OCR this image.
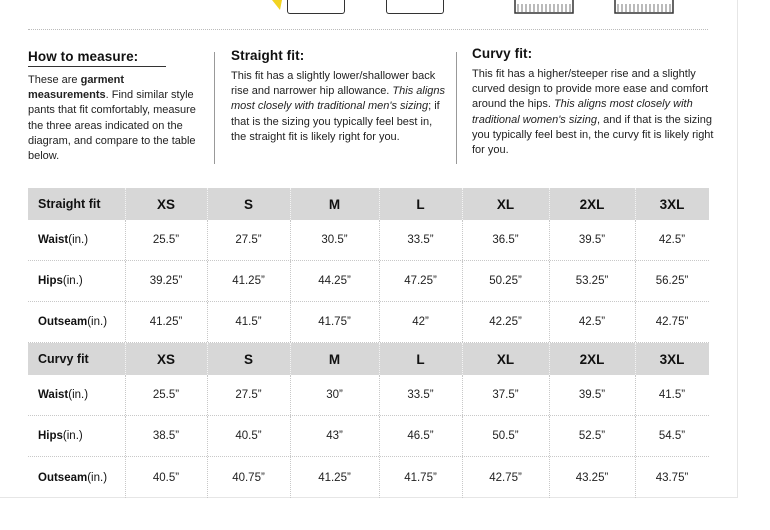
How to measure:

These are garment measurements. Find similar style pants that fit comfortably, measure the three areas indicated on the diagram, and compare to the table below.

Straight fit:

This fit has a slightly lower/shallower back rise and narrower hip allowance. This aligns most closely with traditional men's sizing; if that is the sizing you typically feel best in, the straight fit is likely right for you.

Curvy fit:

This fit has a higher/steeper rise and a slightly curved design to provide more ease and comfort around the hips. This aligns most closely with traditional women's sizing, and if that is the sizing you typically feel best in, the curvy fit is likely right for you.

Straight fit	XS	S	M	L	XL	2XL	3XL
Waist (in.)	25.5”	27.5”	30.5”	33.5”	36.5”	39.5”	42.5”
Hips (in.)	39.25”	41.25”	44.25”	47.25”	50.25”	53.25”	56.25”
Outseam (in.)	41.25”	41.5”	41.75”	42”	42.25”	42.5”	42.75”
Curvy fit	XS	S	M	L	XL	2XL	3XL
Waist (in.)	25.5”	27.5”	30”	33.5”	37.5”	39.5”	41.5”
Hips (in.)	38.5”	40.5”	43”	46.5”	50.5”	52.5”	54.5”
Outseam (in.)	40.5”	40.75”	41.25”	41.75”	42.75”	43.25”	43.75”
